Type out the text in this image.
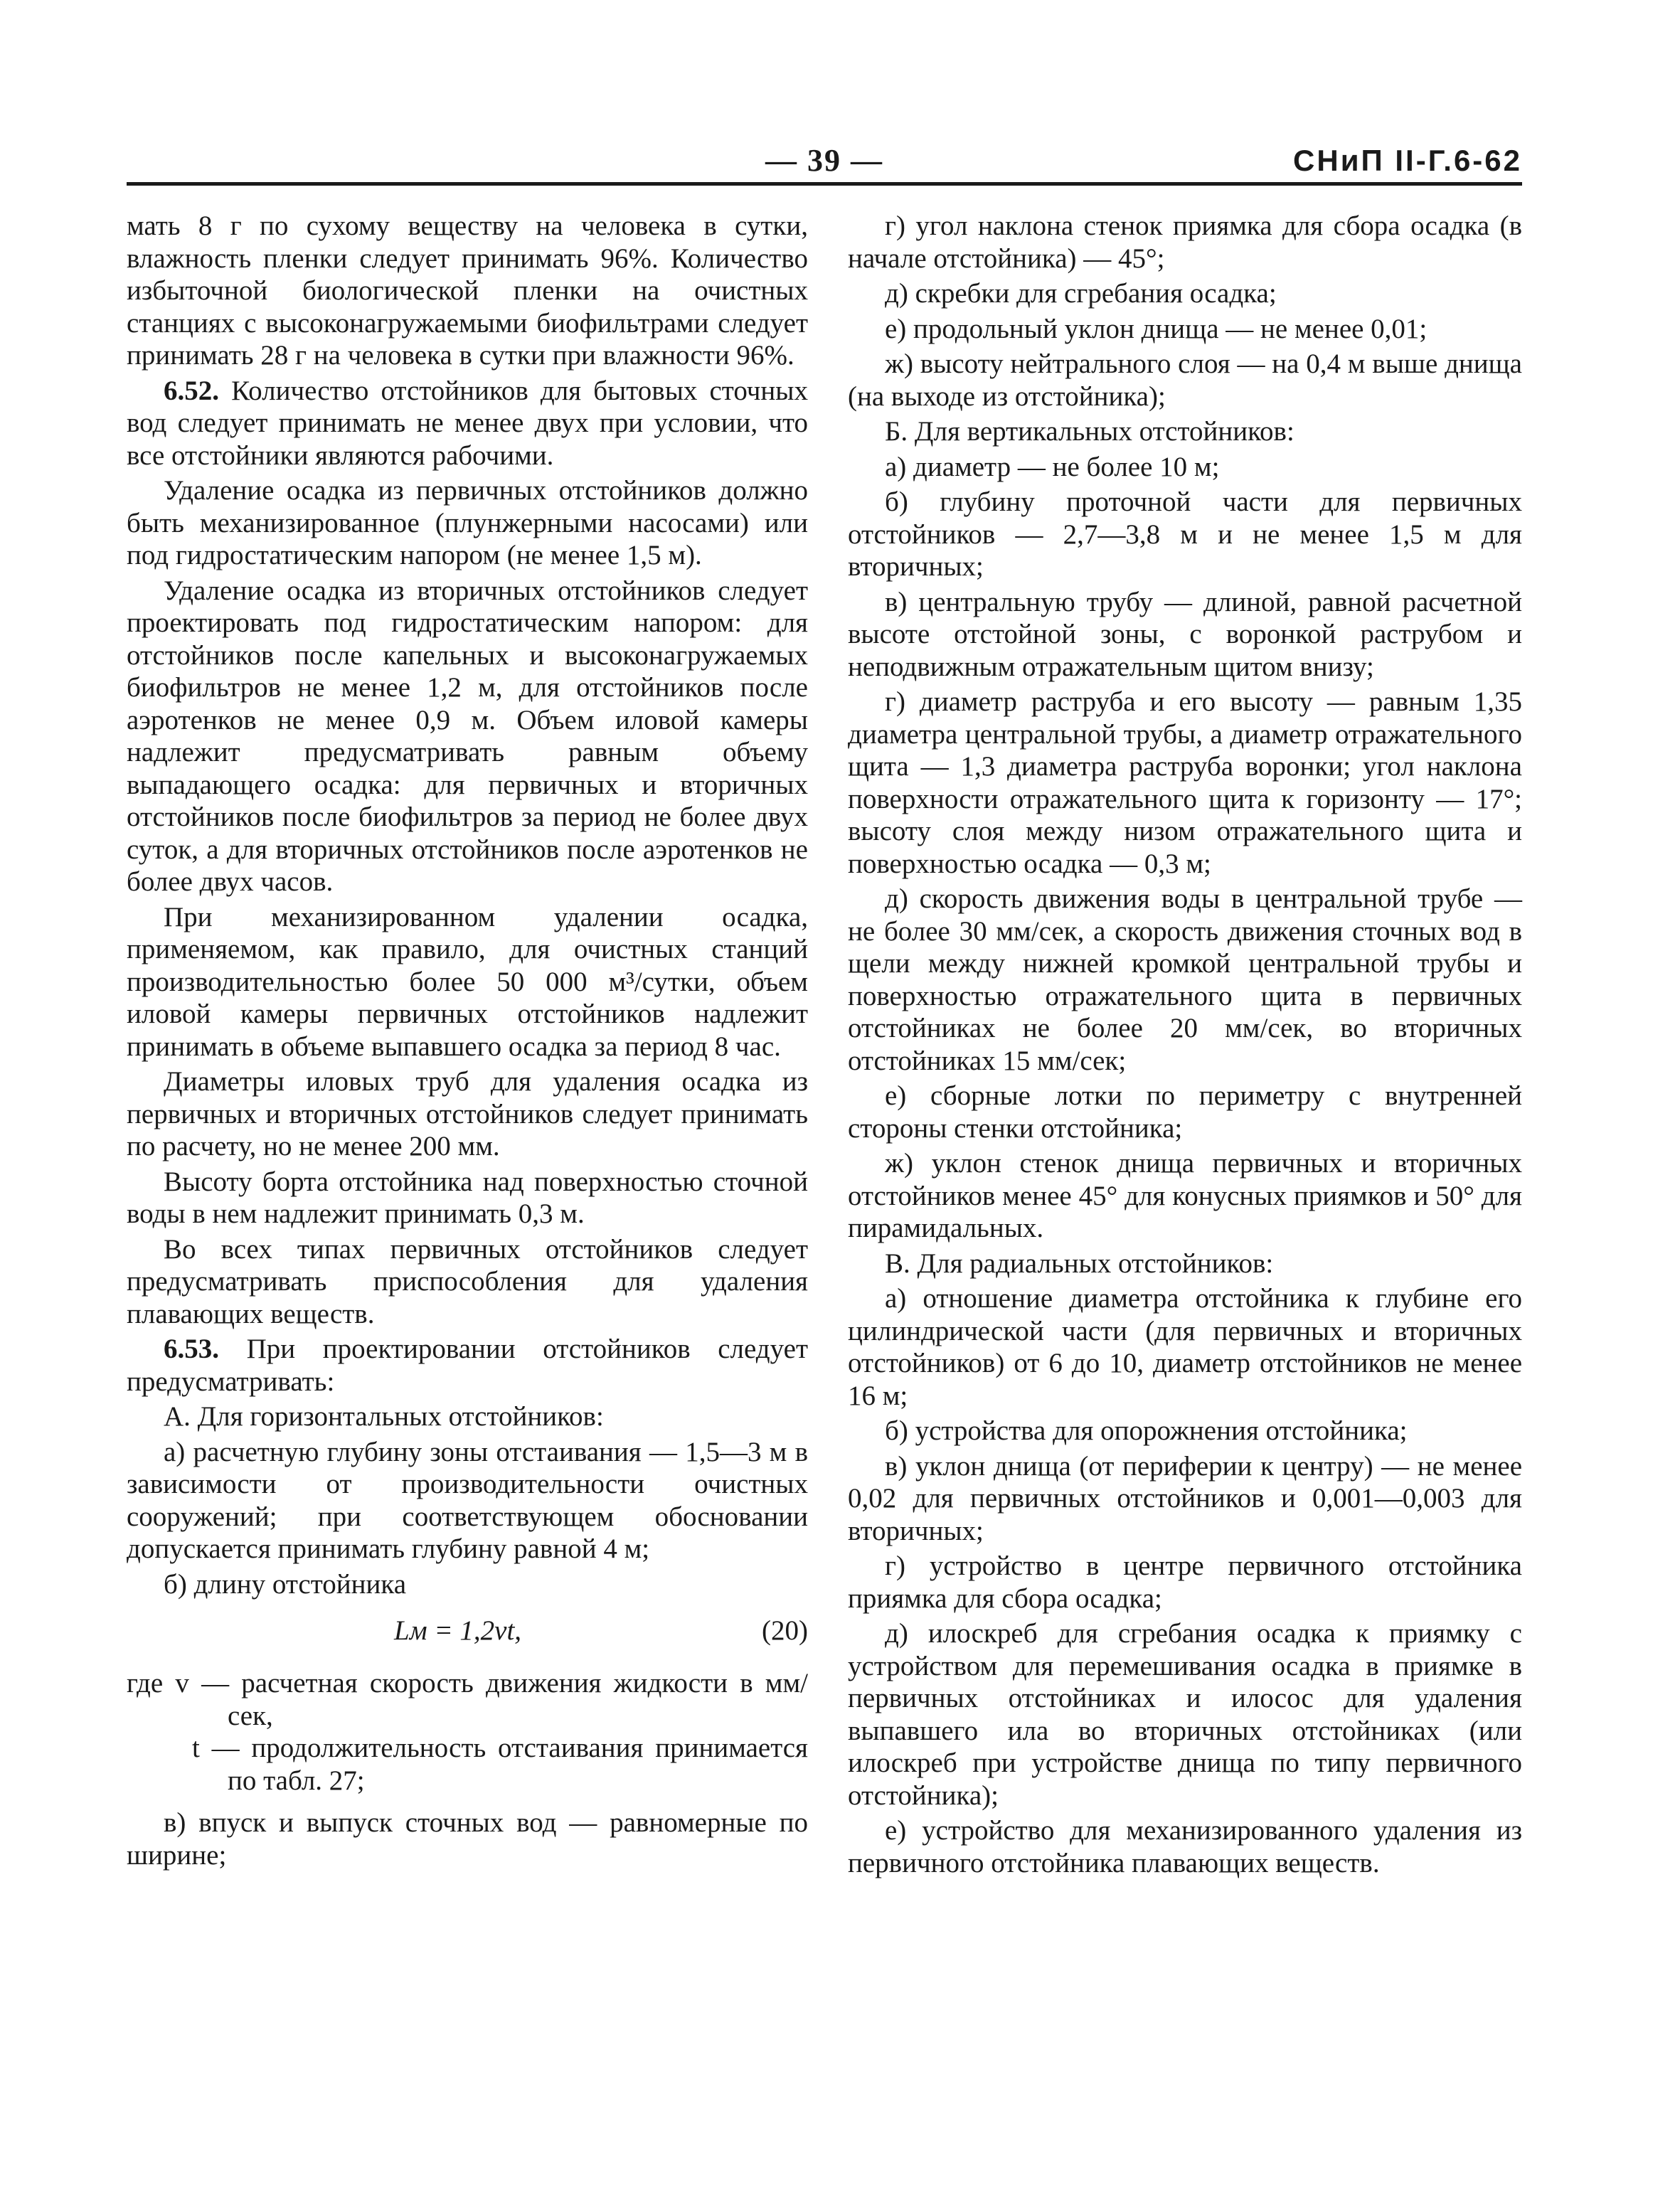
— 39 —	СНиП II-Г.6-62

мать 8 г по сухому веществу на человека в сутки, влажность пленки следует принимать 96%. Количество избыточной биологической пленки на очистных станциях с высоконагружаемыми биофильтрами следует принимать 28 г на человека в сутки при влажности 96%.

6.52. Количество отстойников для бытовых сточных вод следует принимать не менее двух при условии, что все отстойники являются рабочими.

Удаление осадка из первичных отстойников должно быть механизированное (плунжерными насосами) или под гидростатическим напором (не менее 1,5 м).

Удаление осадка из вторичных отстойников следует проектировать под гидростатическим напором: для отстойников после капельных и высоконагружаемых биофильтров не менее 1,2 м, для отстойников после аэротенков не менее 0,9 м. Объем иловой камеры надлежит предусматривать равным объему выпадающего осадка: для первичных и вторичных отстойников после биофильтров за период не более двух суток, а для вторичных отстойников после аэротенков не более двух часов.

При механизированном удалении осадка, применяемом, как правило, для очистных станций производительностью более 50 000 м³/сутки, объем иловой камеры первичных отстойников надлежит принимать в объеме выпавшего осадка за период 8 час.

Диаметры иловых труб для удаления осадка из первичных и вторичных отстойников следует принимать по расчету, но не менее 200 мм.

Высоту борта отстойника над поверхностью сточной воды в нем надлежит принимать 0,3 м.

Во всех типах первичных отстойников следует предусматривать приспособления для удаления плавающих веществ.

6.53. При проектировании отстойников следует предусматривать:

А. Для горизонтальных отстойников:

а) расчетную глубину зоны отстаивания — 1,5—3 м в зависимости от производительности очистных сооружений; при соответствующем обосновании допускается принимать глубину равной 4 м;

б) длину отстойника

Lм = 1,2vt,	(20)

где v — расчетная скорость движения жидкости в мм/сек,

t — продолжительность отстаивания принимается по табл. 27;

в) впуск и выпуск сточных вод — равномерные по ширине;

г) угол наклона стенок приямка для сбора осадка (в начале отстойника) — 45°;

д) скребки для сгребания осадка;

е) продольный уклон днища — не менее 0,01;

ж) высоту нейтрального слоя — на 0,4 м выше днища (на выходе из отстойника);

Б. Для вертикальных отстойников:

а) диаметр — не более 10 м;

б) глубину проточной части для первичных отстойников — 2,7—3,8 м и не менее 1,5 м для вторичных;

в) центральную трубу — длиной, равной расчетной высоте отстойной зоны, с воронкой раструбом и неподвижным отражательным щитом внизу;

г) диаметр раструба и его высоту — равным 1,35 диаметра центральной трубы, а диаметр отражательного щита — 1,3 диаметра раструба воронки; угол наклона поверхности отражательного щита к горизонту — 17°; высоту слоя между низом отражательного щита и поверхностью осадка — 0,3 м;

д) скорость движения воды в центральной трубе — не более 30 мм/сек, а скорость движения сточных вод в щели между нижней кромкой центральной трубы и поверхностью отражательного щита в первичных отстойниках не более 20 мм/сек, во вторичных отстойниках 15 мм/сек;

е) сборные лотки по периметру с внутренней стороны стенки отстойника;

ж) уклон стенок днища первичных и вторичных отстойников менее 45° для конусных приямков и 50° для пирамидальных.

В. Для радиальных отстойников:

а) отношение диаметра отстойника к глубине его цилиндрической части (для первичных и вторичных отстойников) от 6 до 10, диаметр отстойников не менее 16 м;

б) устройства для опорожнения отстойника;

в) уклон днища (от периферии к центру) — не менее 0,02 для первичных отстойников и 0,001—0,003 для вторичных;

г) устройство в центре первичного отстойника приямка для сбора осадка;

д) илоскреб для сгребания осадка к приямку с устройством для перемешивания осадка в приямке в первичных отстойниках и илосос для удаления выпавшего ила во вторичных отстойниках (или илоскреб при устройстве днища по типу первичного отстойника);

е) устройство для механизированного удаления из первичного отстойника плавающих веществ.
